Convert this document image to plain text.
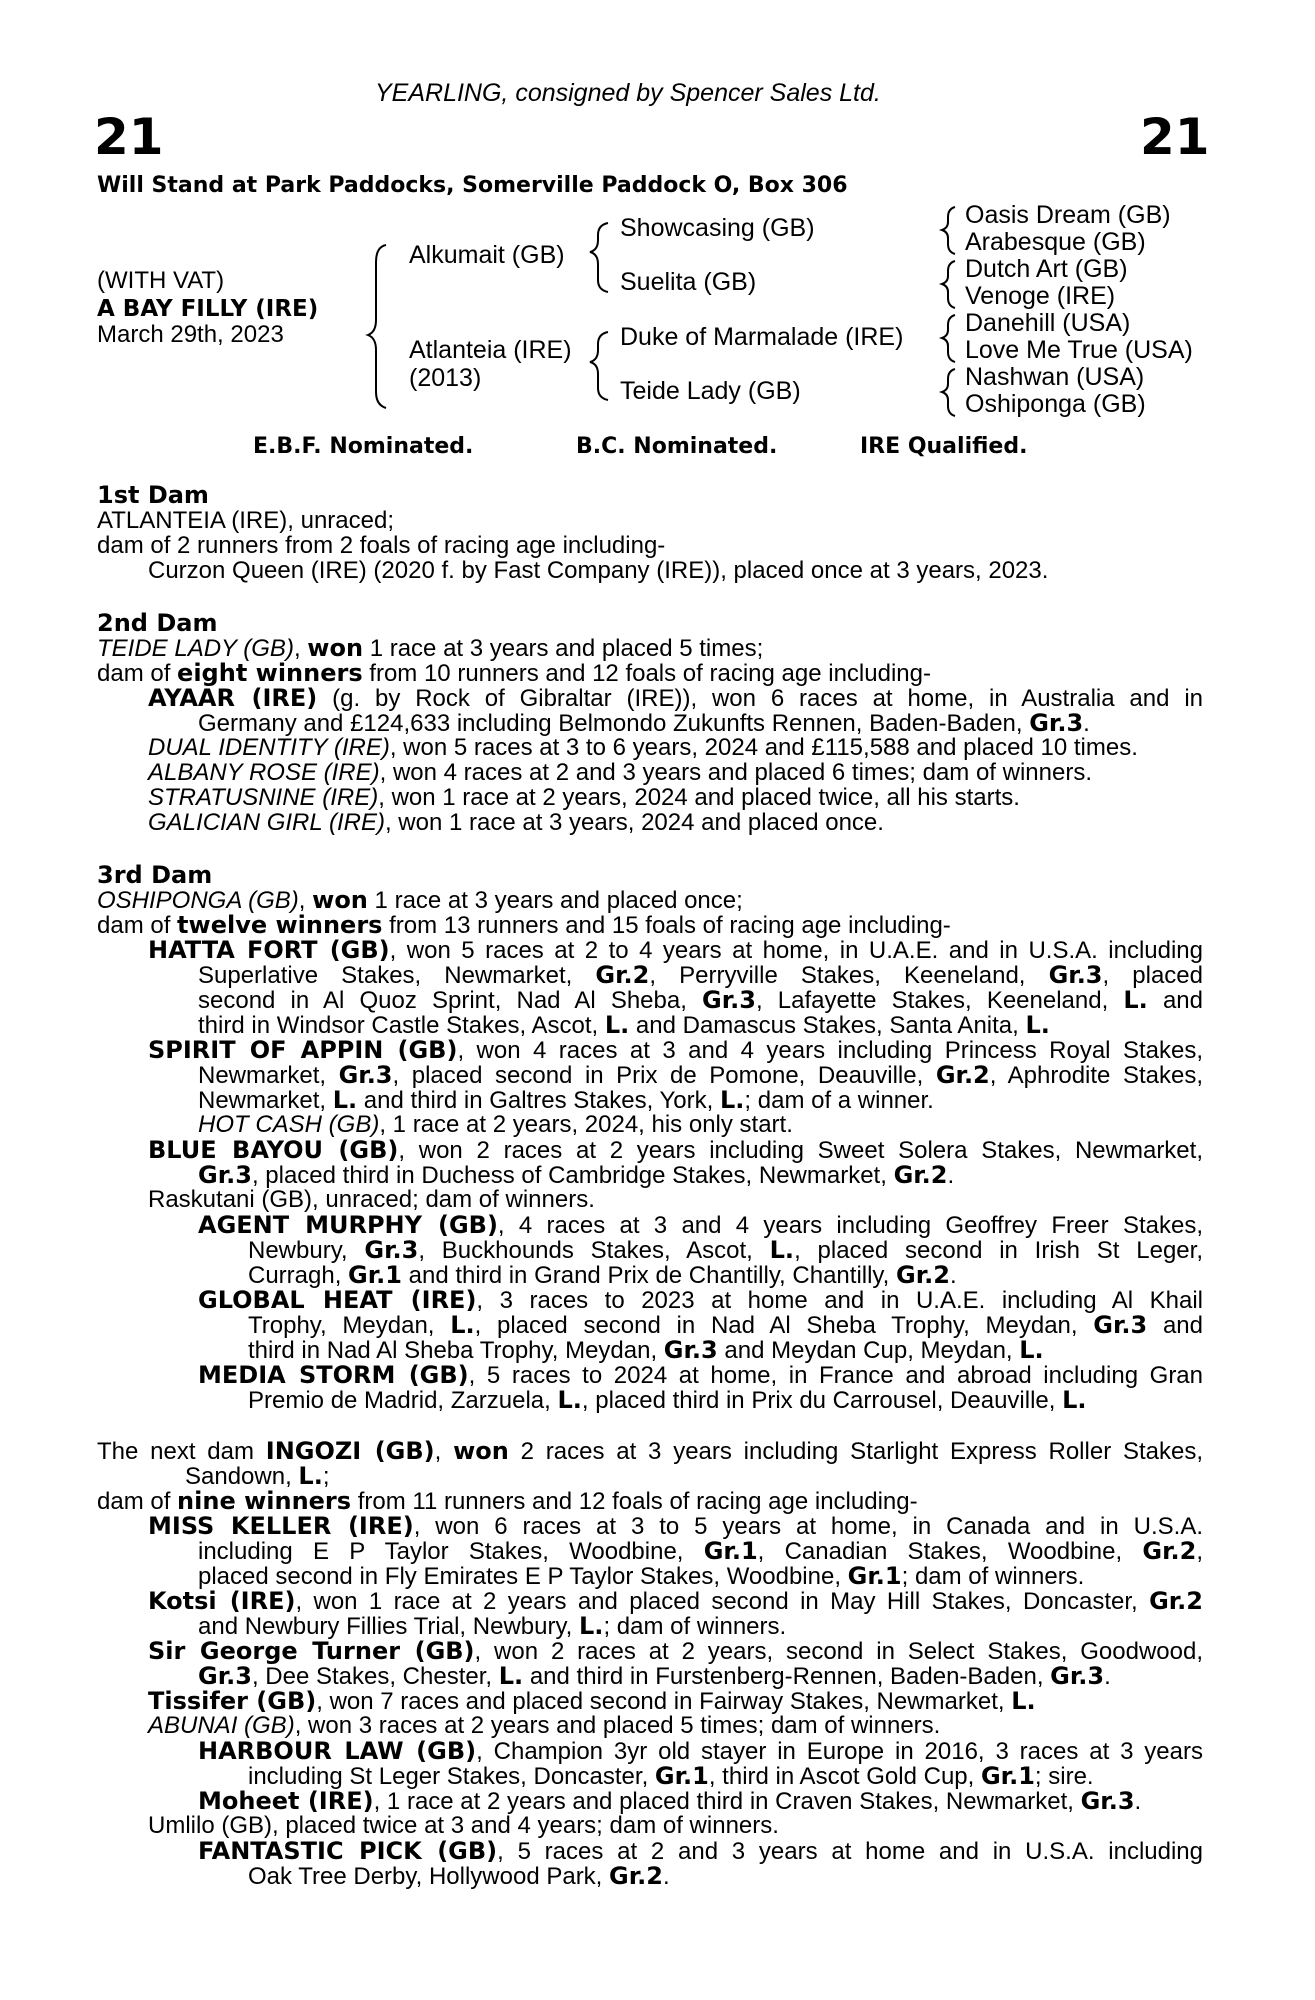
YEARLING, consigned by Spencer Sales Ltd.
21	21
Will Stand at Park Paddocks, Somerville Paddock O, Box 306
(WITH VAT)
A BAY FILLY (IRE)
March 29th, 2023
Alkumait (GB)
Atlanteia (IRE)
(2013)
Showcasing (GB)
Suelita (GB)
Duke of Marmalade (IRE)
Teide Lady (GB)
Oasis Dream (GB)
Arabesque (GB)
Dutch Art (GB)
Venoge (IRE)
Danehill (USA)
Love Me True (USA)
Nashwan (USA)
Oshiponga (GB)
E.B.F. Nominated.	B.C. Nominated.	IRE Qualified.
1st Dam
ATLANTEIA (IRE), unraced;
dam of 2 runners from 2 foals of racing age including-
Curzon Queen (IRE) (2020 f. by Fast Company (IRE)), placed once at 3 years, 2023.
2nd Dam
TEIDE LADY (GB), won 1 race at 3 years and placed 5 times;
dam of eight winners from 10 runners and 12 foals of racing age including-
AYAAR (IRE) (g. by Rock of Gibraltar (IRE)), won 6 races at home, in Australia and in
Germany and £124,633 including Belmondo Zukunfts Rennen, Baden-Baden, Gr.3.
DUAL IDENTITY (IRE), won 5 races at 3 to 6 years, 2024 and £115,588 and placed 10 times.
ALBANY ROSE (IRE), won 4 races at 2 and 3 years and placed 6 times; dam of winners.
STRATUSNINE (IRE), won 1 race at 2 years, 2024 and placed twice, all his starts.
GALICIAN GIRL (IRE), won 1 race at 3 years, 2024 and placed once.
3rd Dam
OSHIPONGA (GB), won 1 race at 3 years and placed once;
dam of twelve winners from 13 runners and 15 foals of racing age including-
HATTA FORT (GB), won 5 races at 2 to 4 years at home, in U.A.E. and in U.S.A. including
Superlative Stakes, Newmarket, Gr.2, Perryville Stakes, Keeneland, Gr.3, placed
second in Al Quoz Sprint, Nad Al Sheba, Gr.3, Lafayette Stakes, Keeneland, L. and
third in Windsor Castle Stakes, Ascot, L. and Damascus Stakes, Santa Anita, L.
SPIRIT OF APPIN (GB), won 4 races at 3 and 4 years including Princess Royal Stakes,
Newmarket, Gr.3, placed second in Prix de Pomone, Deauville, Gr.2, Aphrodite Stakes,
Newmarket, L. and third in Galtres Stakes, York, L.; dam of a winner.
HOT CASH (GB), 1 race at 2 years, 2024, his only start.
BLUE BAYOU (GB), won 2 races at 2 years including Sweet Solera Stakes, Newmarket,
Gr.3, placed third in Duchess of Cambridge Stakes, Newmarket, Gr.2.
Raskutani (GB), unraced; dam of winners.
AGENT MURPHY (GB), 4 races at 3 and 4 years including Geoffrey Freer Stakes,
Newbury, Gr.3, Buckhounds Stakes, Ascot, L., placed second in Irish St Leger,
Curragh, Gr.1 and third in Grand Prix de Chantilly, Chantilly, Gr.2.
GLOBAL HEAT (IRE), 3 races to 2023 at home and in U.A.E. including Al Khail
Trophy, Meydan, L., placed second in Nad Al Sheba Trophy, Meydan, Gr.3 and
third in Nad Al Sheba Trophy, Meydan, Gr.3 and Meydan Cup, Meydan, L.
MEDIA STORM (GB), 5 races to 2024 at home, in France and abroad including Gran
Premio de Madrid, Zarzuela, L., placed third in Prix du Carrousel, Deauville, L.
The next dam INGOZI (GB), won 2 races at 3 years including Starlight Express Roller Stakes,
Sandown, L.;
dam of nine winners from 11 runners and 12 foals of racing age including-
MISS KELLER (IRE), won 6 races at 3 to 5 years at home, in Canada and in U.S.A.
including E P Taylor Stakes, Woodbine, Gr.1, Canadian Stakes, Woodbine, Gr.2,
placed second in Fly Emirates E P Taylor Stakes, Woodbine, Gr.1; dam of winners.
Kotsi (IRE), won 1 race at 2 years and placed second in May Hill Stakes, Doncaster, Gr.2
and Newbury Fillies Trial, Newbury, L.; dam of winners.
Sir George Turner (GB), won 2 races at 2 years, second in Select Stakes, Goodwood,
Gr.3, Dee Stakes, Chester, L. and third in Furstenberg-Rennen, Baden-Baden, Gr.3.
Tissifer (GB), won 7 races and placed second in Fairway Stakes, Newmarket, L.
ABUNAI (GB), won 3 races at 2 years and placed 5 times; dam of winners.
HARBOUR LAW (GB), Champion 3yr old stayer in Europe in 2016, 3 races at 3 years
including St Leger Stakes, Doncaster, Gr.1, third in Ascot Gold Cup, Gr.1; sire.
Moheet (IRE), 1 race at 2 years and placed third in Craven Stakes, Newmarket, Gr.3.
Umlilo (GB), placed twice at 3 and 4 years; dam of winners.
FANTASTIC PICK (GB), 5 races at 2 and 3 years at home and in U.S.A. including
Oak Tree Derby, Hollywood Park, Gr.2.
